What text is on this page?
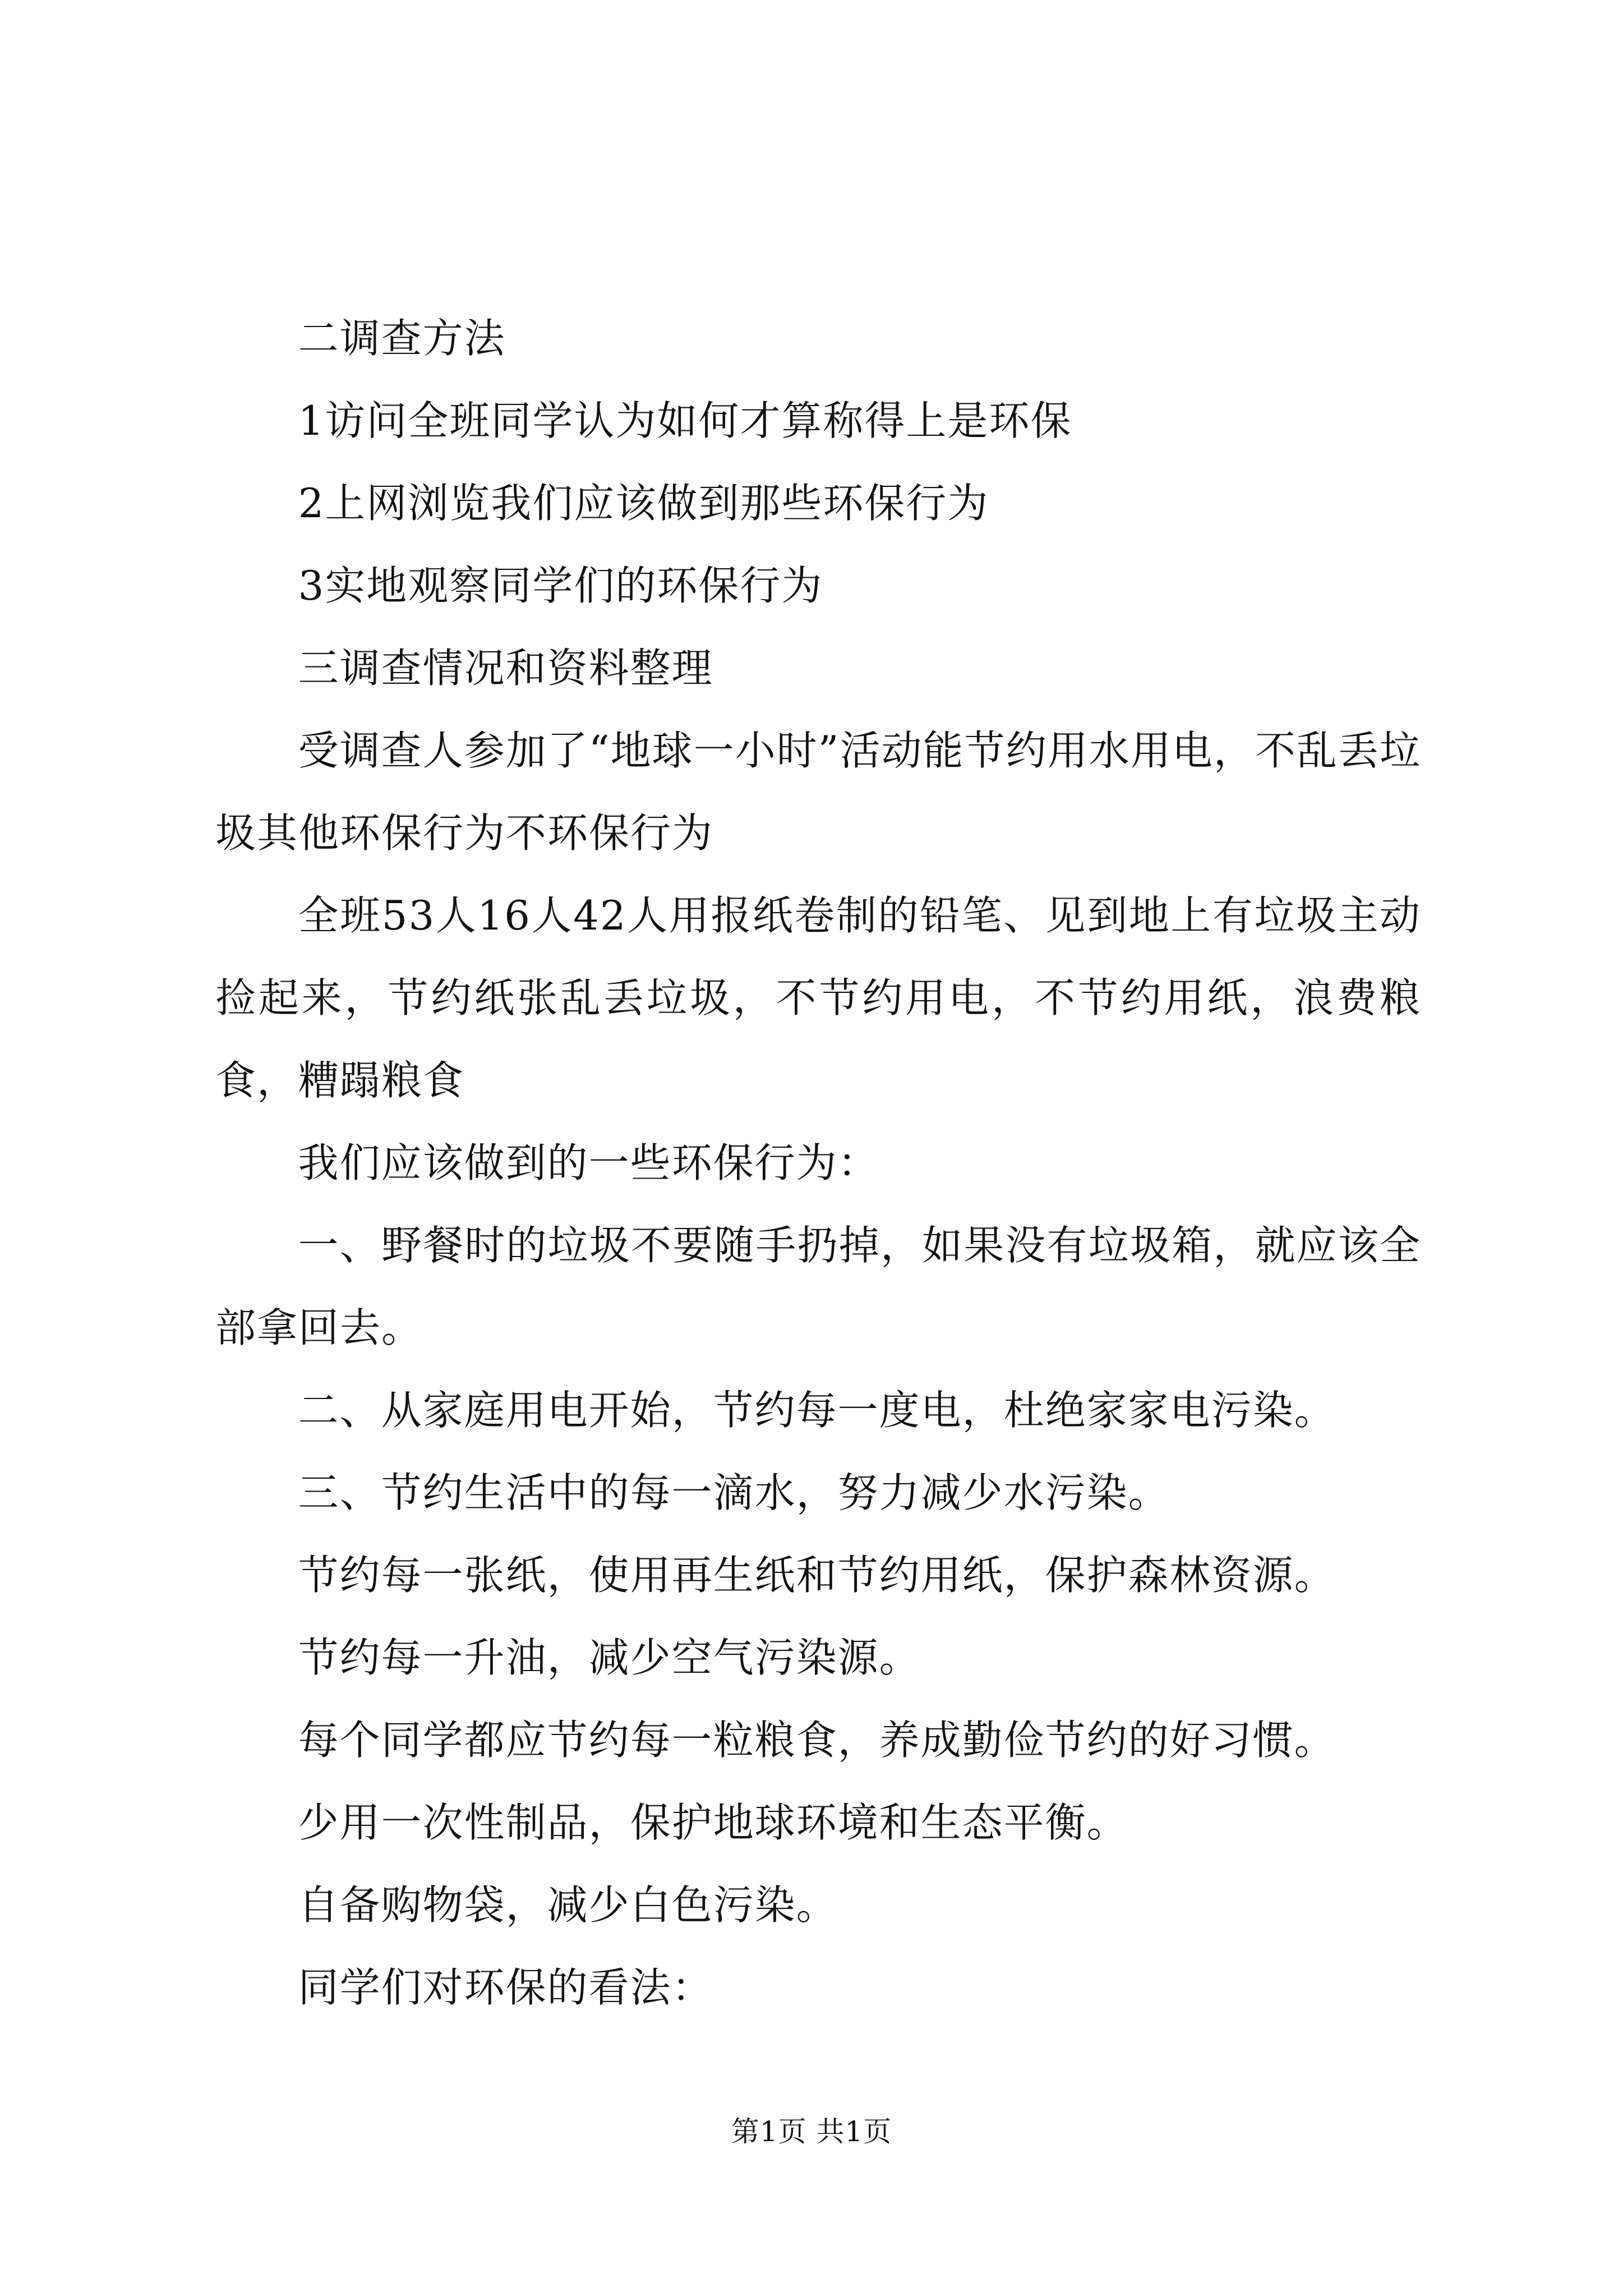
二调查方法

1访问全班同学认为如何才算称得上是环保

2上网浏览我们应该做到那些环保行为

3实地观察同学们的环保行为

三调查情况和资料整理

受调查人参加了“地球一小时”活动能节约用水用电，不乱丢垃圾其他环保行为不环保行为

全班53人16人42人用报纸卷制的铅笔、见到地上有垃圾主动捡起来，节约纸张乱丢垃圾，不节约用电，不节约用纸，浪费粮食，糟蹋粮食

我们应该做到的一些环保行为：

一、野餐时的垃圾不要随手扔掉，如果没有垃圾箱，就应该全部拿回去。

二、从家庭用电开始，节约每一度电，杜绝家家电污染。

三、节约生活中的每一滴水，努力减少水污染。

节约每一张纸，使用再生纸和节约用纸，保护森林资源。

节约每一升油，减少空气污染源。

每个同学都应节约每一粒粮食，养成勤俭节约的好习惯。

少用一次性制品，保护地球环境和生态平衡。

自备购物袋，减少白色污染。

同学们对环保的看法：

第1页 共1页
